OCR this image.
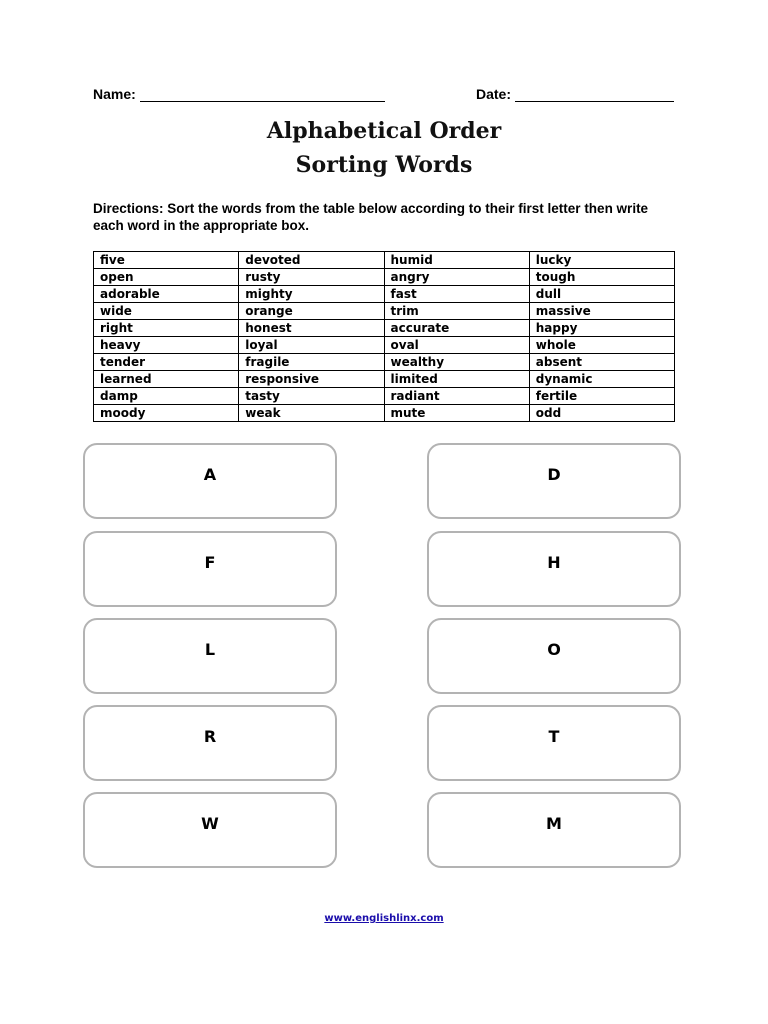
Name:	Date:
Alphabetical Order
Sorting Words
Directions: Sort the words from the table below according to their first letter then write each word in the appropriate box.
five	devoted	humid	lucky
open	rusty	angry	tough
adorable	mighty	fast	dull
wide	orange	trim	massive
right	honest	accurate	happy
heavy	loyal	oval	whole
tender	fragile	wealthy	absent
learned	responsive	limited	dynamic
damp	tasty	radiant	fertile
moody	weak	mute	odd
A
F
L
R
W
D
H
O
T
M
www.englishlinx.com
